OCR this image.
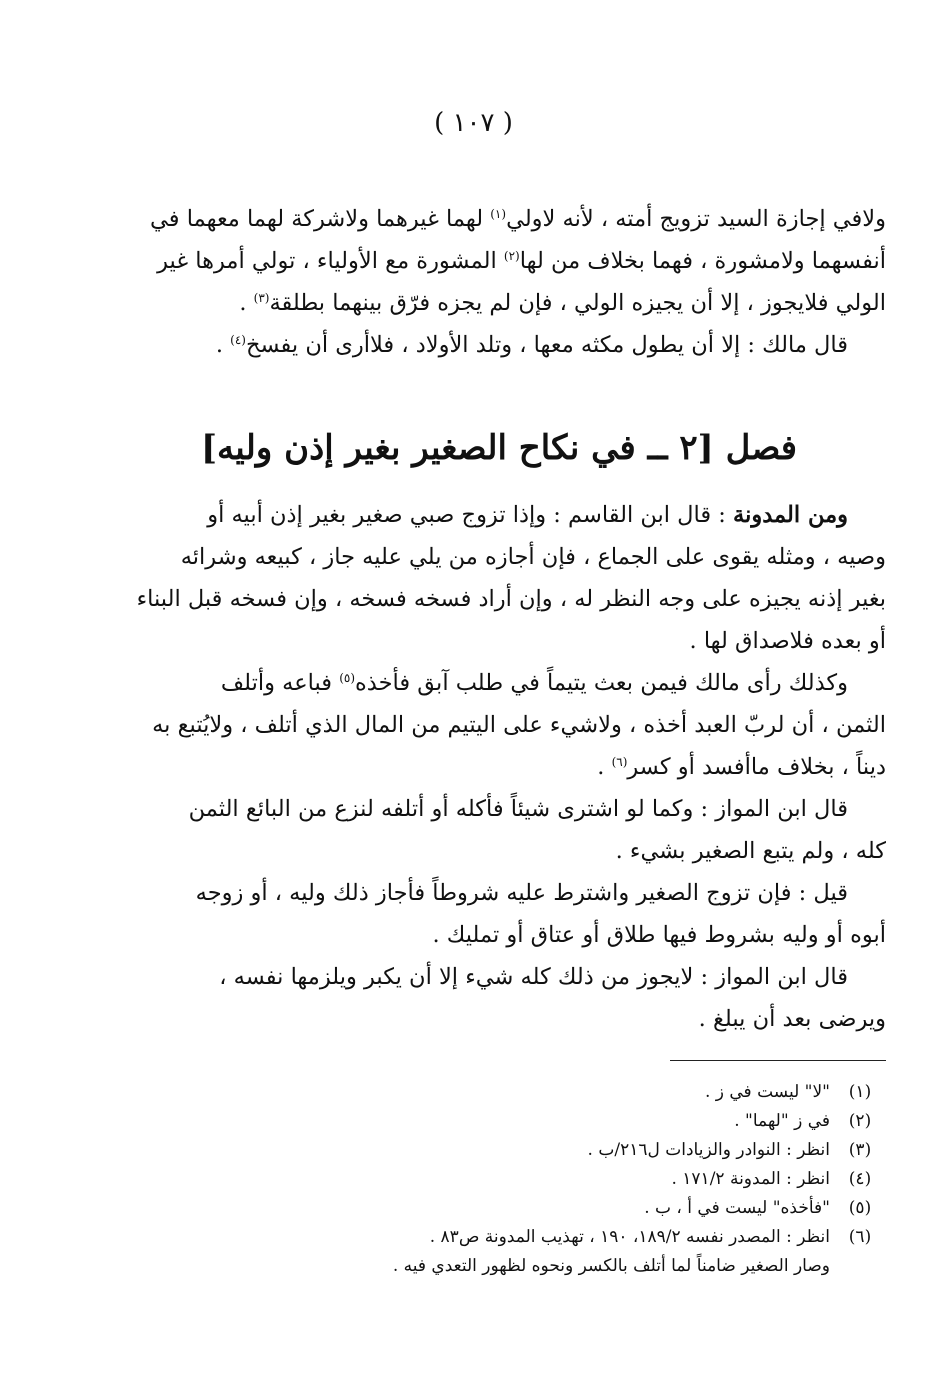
( ١٠٧ )
ولافي إجازة السيد تزويج أمته ، لأنه لاولي$^{(١)}$ لهما غيرهما ولاشركة لهما معهما في
أنفسهما ولامشورة ، فهما بخلاف من لها$^{(٢)}$ المشورة مع الأولياء ، تولي أمرها غير
الولي فلايجوز ، إلا أن يجيزه الولي ، فإن لم يجزه فرّق بينهما بطلقة$^{(٣)}$ .
قال مالك : إلا أن يطول مكثه معها ، وتلد الأولاد ، فلاأرى أن يفسخ$^{(٤)}$ .
فصل [٢ ــ في نكاح الصغير بغير إذن وليه]
ومن المدونة : قال ابن القاسم : وإذا تزوج صبي صغير بغير إذن أبيه أو
وصيه ، ومثله يقوى على الجماع ، فإن أجازه من يلي عليه جاز ، كبيعه وشرائه
بغير إذنه يجيزه على وجه النظر له ، وإن أراد فسخه فسخه ، وإن فسخه قبل البناء
أو بعده فلاصداق لها .
وكذلك رأى مالك فيمن بعث يتيماً في طلب آبق فأخذه$^{(٥)}$ فباعه وأتلف
الثمن ، أن لربّ العبد أخذه ، ولاشيء على اليتيم من المال الذي أتلف ، ولايُتبع به
ديناً ، بخلاف ماأفسد أو كسر$^{(٦)}$ .
قال ابن المواز : وكما لو اشترى شيئاً فأكله أو أتلفه لنزع من البائع الثمن
كله ، ولم يتبع الصغير بشيء .
قيل : فإن تزوج الصغير واشترط عليه شروطاً فأجاز ذلك وليه ، أو زوجه
أبوه أو وليه بشروط فيها طلاق أو عتاق أو تمليك .
قال ابن المواز : لايجوز من ذلك كله شيء إلا أن يكبر ويلزمها نفسه ،
ويرضى بعد أن يبلغ .
(١)
"لا" ليست في ز .
(٢)
في ز "لهما" .
(٣)
انظر : النوادر والزيادات ل٢١٦/ب .
(٤)
انظر : المدونة ١٧١/٢ .
(٥)
"فأخذه" ليست في أ ، ب .
(٦)
انظر : المصدر نفسه ١٨٩/٢، ١٩٠ ، تهذيب المدونة ص٨٣ .
وصار الصغير ضامناً لما أتلف بالكسر ونحوه لظهور التعدي فيه .
